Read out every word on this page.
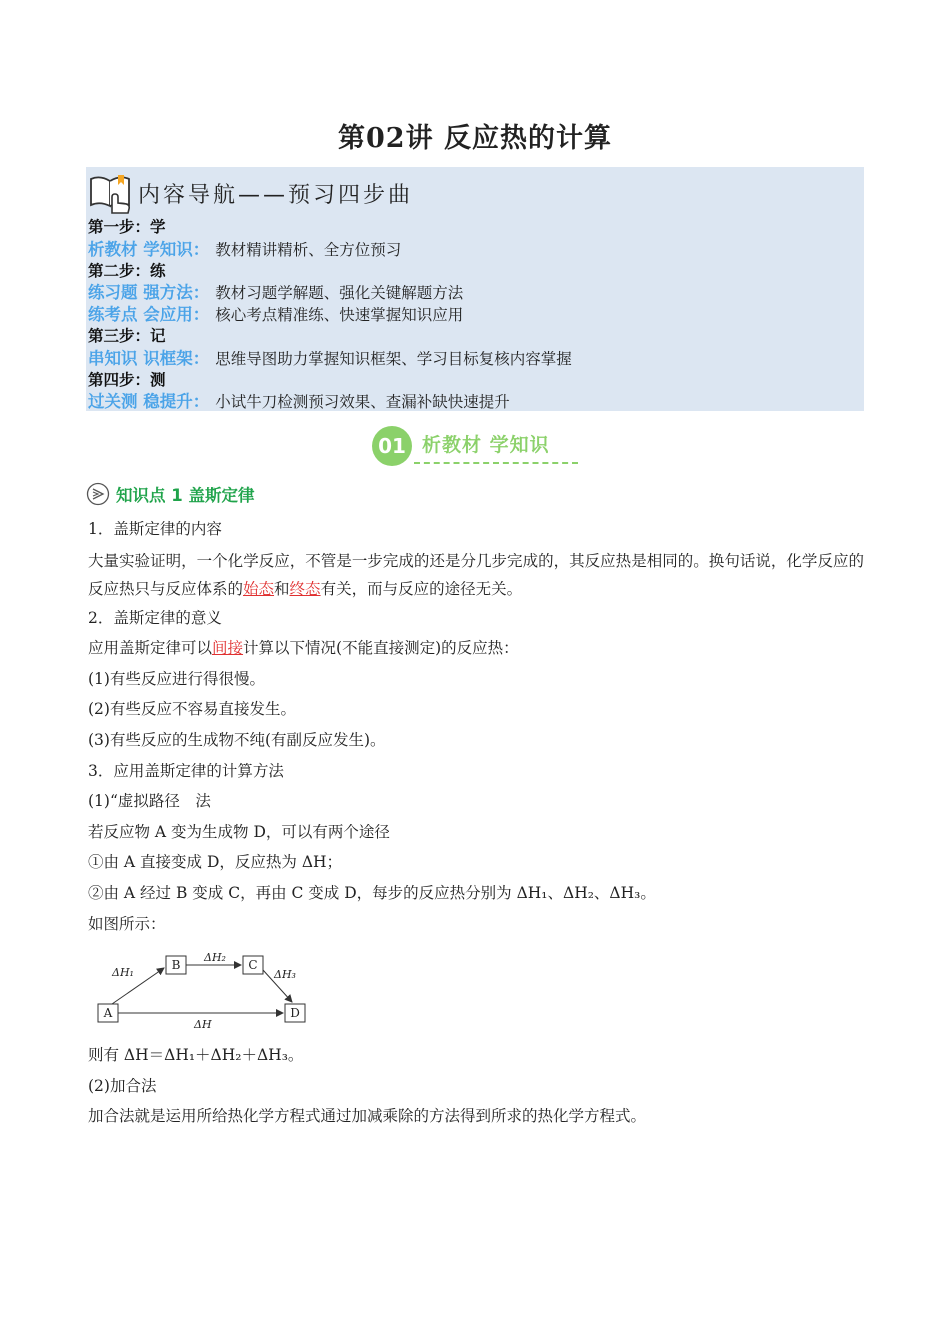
第02讲 反应热的计算
内容导航——预习四步曲
第一步：学
析教材 学知识： 教材精讲精析、全方位预习
第二步：练
练习题 强方法： 教材习题学解题、强化关键解题方法
练考点 会应用： 核心考点精准练、快速掌握知识应用
第三步：记
串知识 识框架： 思维导图助力掌握知识框架、学习目标复核内容掌握
第四步：测
过关测 稳提升： 小试牛刀检测预习效果、查漏补缺快速提升
01 析教材 学知识
知识点 1 盖斯定律
1．盖斯定律的内容
大量实验证明，一个化学反应，不管是一步完成的还是分几步完成的，其反应热是相同的。换句话说，化学反应的反应热只与反应体系的始态和终态有关，而与反应的途径无关。
2．盖斯定律的意义
应用盖斯定律可以间接计算以下情况(不能直接测定)的反应热：
(1)有些反应进行得很慢。
(2)有些反应不容易直接发生。
(3)有些反应的生成物不纯(有副反应发生)。
3．应用盖斯定律的计算方法
(1)“虚拟路径　法
若反应物 A 变为生成物 D，可以有两个途径
①由 A 直接变成 D，反应热为 ΔH；
②由 A 经过 B 变成 C，再由 C 变成 D，每步的反应热分别为 ΔH₁、ΔH₂、ΔH₃。
如图所示：
A
B	C
D
ΔH₁
ΔH₂
ΔH₃
ΔH
则有 ΔH＝ΔH₁＋ΔH₂＋ΔH₃。
(2)加合法
加合法就是运用所给热化学方程式通过加减乘除的方法得到所求的热化学方程式。
